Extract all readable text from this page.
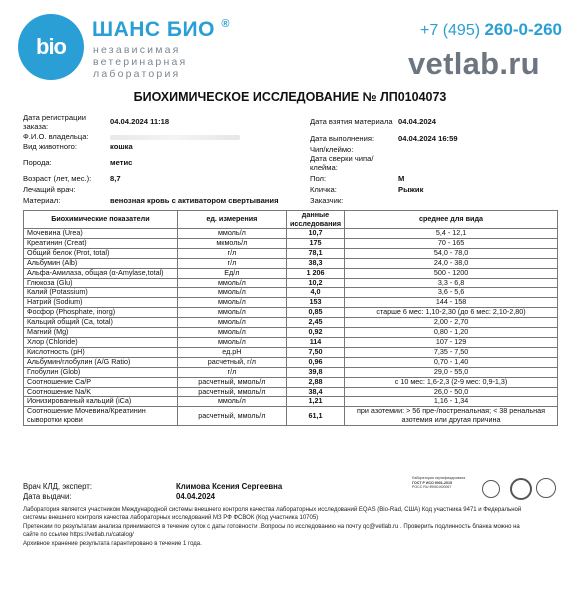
bio
ШАНС БИО ®
независимая
ветеринарная
лаборатория
+7 (495) 260-0-260
vetlab.ru
БИОХИМИЧЕСКОЕ ИССЛЕДОВАНИЕ № ЛП0104073
Дата регистрации заказа:	04.04.2024 11:18
Ф.И.О. владельца:
Вид животного:	кошка
Порода:	метис
Возраст (лет, мес.): 8,7
Лечащий врач:
Материал:	венозная кровь с активатором свертывания
Дата взятия материала 04.04.2024
Дата выполнения:	04.04.2024 16:59
Чип/клеймо:
Дата сверки чипа/клейма:
Пол:	М
Кличка:	Рыжик
Заказчик:
Биохимические показатели	ед. измерения	данные исследования	среднее для вида
Мочевина (Urea)	ммоль/л	10,7	5,4 - 12,1
Креатинин (Creat)	мкмоль/л	175	70 - 165
Общий белок (Prot, total)	г/л	78,1	54,0 - 78,0
Альбумин (Alb)	г/л	38,3	24,0 - 38,0
Альфа-Амилаза, общая (α-Amylase,total)	Ед/л	1 206	500 - 1200
Глюкоза (Glu)	ммоль/л	10,2	3,3 - 6,8
Калий (Potassium)	ммоль/л	4,0	3,6 - 5,6
Натрий (Sodium)	ммоль/л	153	144 - 158
Фосфор (Phosphate, inorg)	ммоль/л	0,85	старше 6 мес: 1,10-2,30 (до 6 мес: 2,10-2,80)
Кальций общий (Ca, total)	ммоль/л	2,45	2,00 - 2,70
Магний (Mg)	ммоль/л	0,92	0,80 - 1,20
Хлор (Chloride)	ммоль/л	114	107 - 129
Кислотность (pH)	ед.рН	7,50	7,35 - 7,50
Альбумин/глобулин (A/G Ratio)	расчетный, г/л	0,96	0,70 - 1,40
Глобулин (Glob)	г/л	39,8	29,0 - 55,0
Соотношение Ca/P	расчетный, ммоль/л	2,88	с 10 мес: 1,6-2,3 (2-9 мес: 0,9-1,3)
Соотношение Na/K	расчетный, ммоль/л	38,4	26,0 - 50,0
Ионизированный кальций (iCa)	ммоль/л	1,21	1,16 - 1,34
Соотношение Мочевина/Креатинин сыворотки крови	расчетный, ммоль/л	61,1	при азотемии: > 56 пре-/постренальная; < 38 ренальная азотемия или другая причина
Врач КЛД, эксперт:	Климова Ксения Сергеевна
Дата выдачи:	04.04.2024
Лаборатория сертифицирована
ГОСТ Р ИСО 9001-2015
РОСС RU.ФК50.К00067
Лаборатория является участником Международной системы внешнего контроля качества лабораторных исследований EQAS (Bio-Rad, США) Код участника 9471 и Федеральной
системы внешнего контроля качества лабораторных исследований МЗ РФ ФСВОК (Код участника 10705)
Претензии по результатам анализа принимаются в течение суток с даты готовности .Вопросы по исследованию на почту qc@vetlab.ru . Проверить подлинность бланка можно на
сайте по ссылке https://vetlab.ru/catalog/
Архивное хранение результата гарантировано в течение 1 года.
